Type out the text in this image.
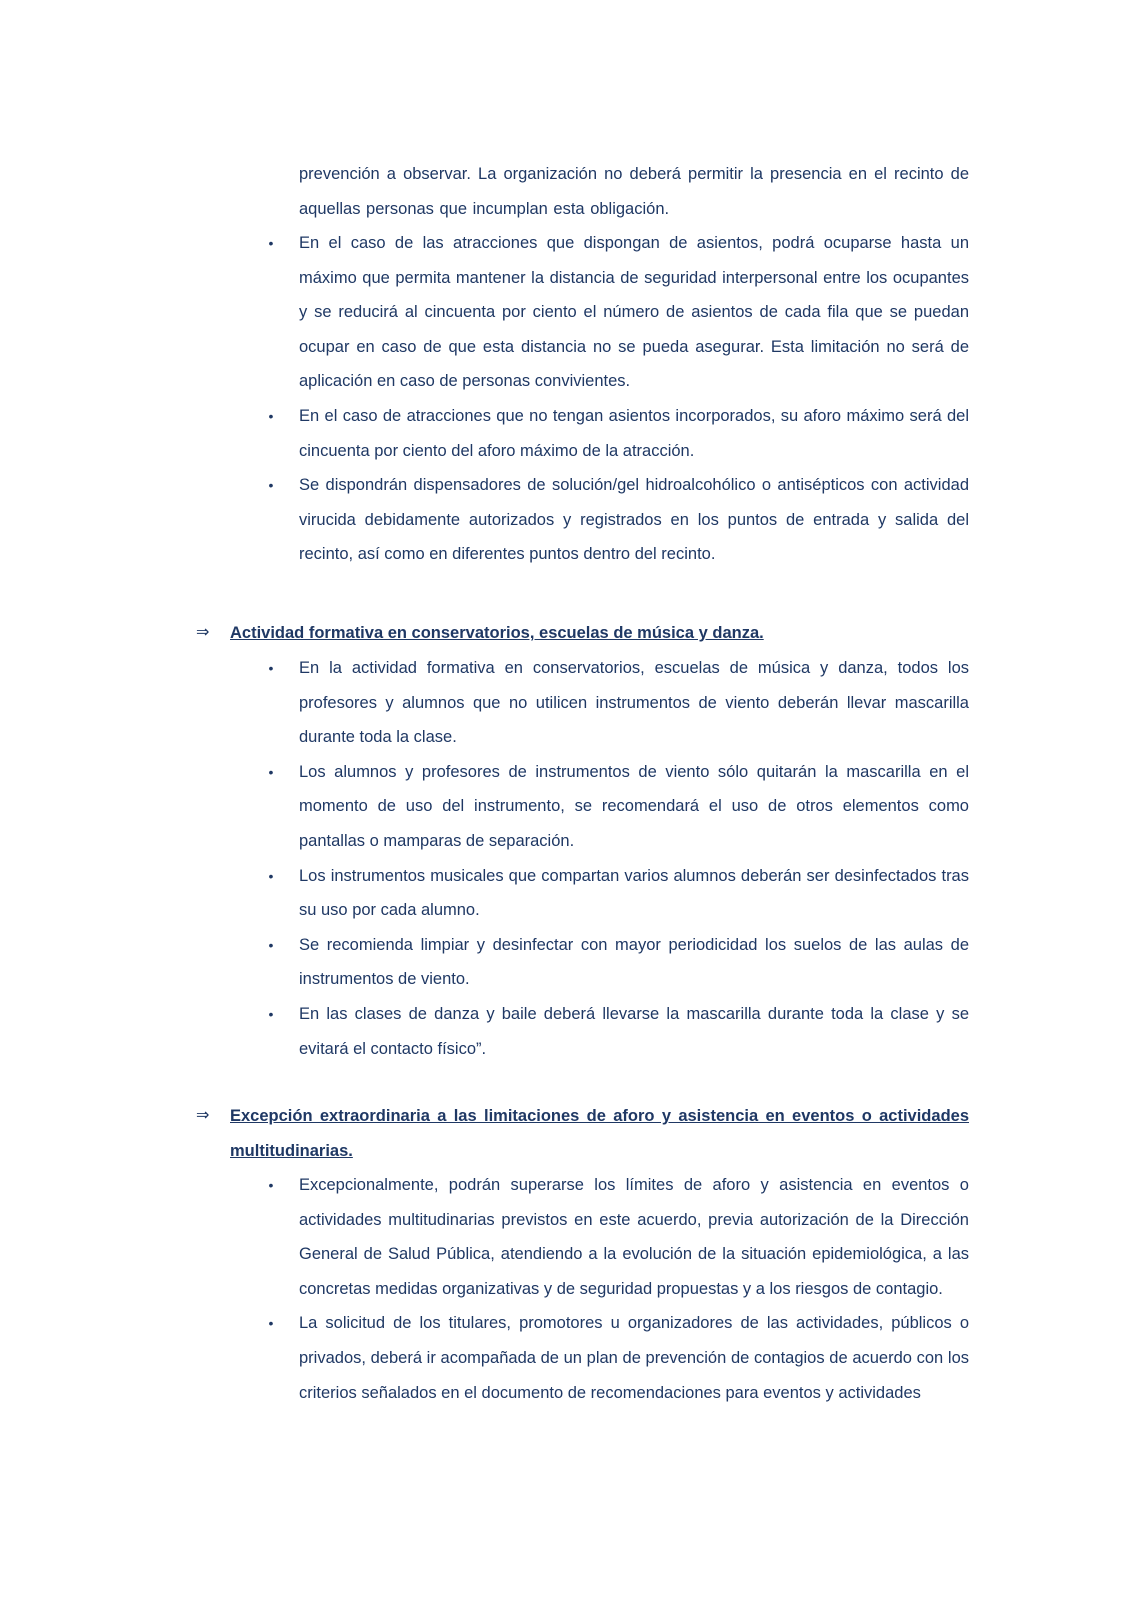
prevención a observar. La organización no deberá permitir la presencia en el recinto de aquellas personas que incumplan esta obligación.

• En el caso de las atracciones que dispongan de asientos, podrá ocuparse hasta un máximo que permita mantener la distancia de seguridad interpersonal entre los ocupantes y se reducirá al cincuenta por ciento el número de asientos de cada fila que se puedan ocupar en caso de que esta distancia no se pueda asegurar. Esta limitación no será de aplicación en caso de personas convivientes.
• En el caso de atracciones que no tengan asientos incorporados, su aforo máximo será del cincuenta por ciento del aforo máximo de la atracción.
• Se dispondrán dispensadores de solución/gel hidroalcohólico o antisépticos con actividad virucida debidamente autorizados y registrados en los puntos de entrada y salida del recinto, así como en diferentes puntos dentro del recinto.
⇒ Actividad formativa en conservatorios, escuelas de música y danza.

• En la actividad formativa en conservatorios, escuelas de música y danza, todos los profesores y alumnos que no utilicen instrumentos de viento deberán llevar mascarilla durante toda la clase.
• Los alumnos y profesores de instrumentos de viento sólo quitarán la mascarilla en el momento de uso del instrumento, se recomendará el uso de otros elementos como pantallas o mamparas de separación.
• Los instrumentos musicales que compartan varios alumnos deberán ser desinfectados tras su uso por cada alumno.
• Se recomienda limpiar y desinfectar con mayor periodicidad los suelos de las aulas de instrumentos de viento.
• En las clases de danza y baile deberá llevarse la mascarilla durante toda la clase y se evitará el contacto físico”.
⇒ Excepción extraordinaria a las limitaciones de aforo y asistencia en eventos o actividades multitudinarias.

• Excepcionalmente, podrán superarse los límites de aforo y asistencia en eventos o actividades multitudinarias previstos en este acuerdo, previa autorización de la Dirección General de Salud Pública, atendiendo a la evolución de la situación epidemiológica, a las concretas medidas organizativas y de seguridad propuestas y a los riesgos de contagio.
• La solicitud de los titulares, promotores u organizadores de las actividades, públicos o privados, deberá ir acompañada de un plan de prevención de contagios de acuerdo con los criterios señalados en el documento de recomendaciones para eventos y actividades
